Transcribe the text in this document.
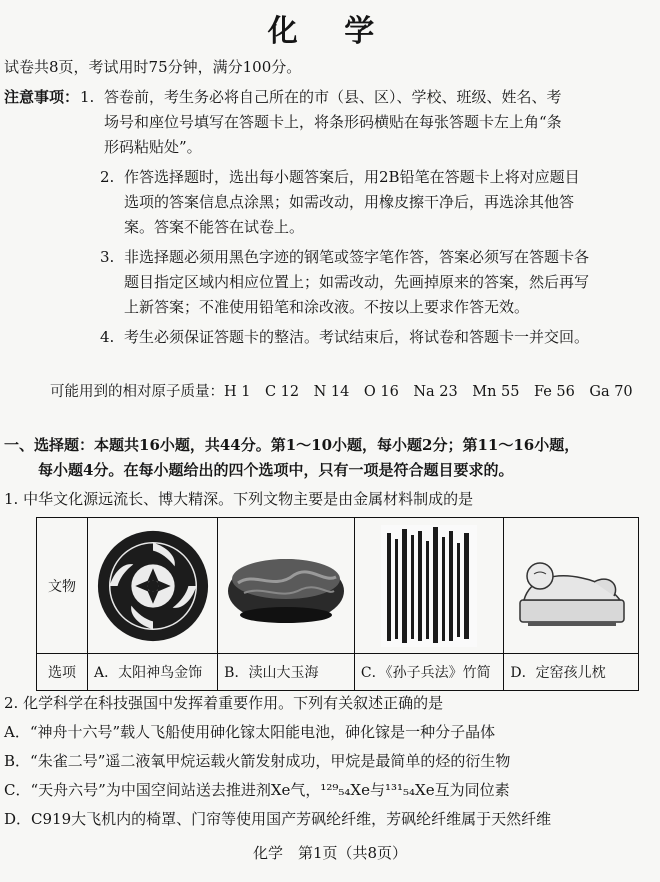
化 学
试卷共8页，考试用时75分钟，满分100分。
注意事项： 1. 答卷前，考生务必将自己所在的市（县、区）、学校、班级、姓名、考
场号和座位号填写在答题卡上，将条形码横贴在每张答题卡左上角“条
形码粘贴处”。
2. 作答选择题时，选出每小题答案后，用2B铅笔在答题卡上将对应题目
选项的答案信息点涂黑；如需改动，用橡皮擦干净后，再选涂其他答
案。答案不能答在试卷上。
3. 非选择题必须用黑色字迹的钢笔或签字笔作答，答案必须写在答题卡各
题目指定区域内相应位置上；如需改动，先画掉原来的答案，然后再写
上新答案；不准使用铅笔和涂改液。不按以上要求作答无效。
4. 考生必须保证答题卡的整洁。考试结束后，将试卷和答题卡一并交回。
可能用到的相对原子质量：H 1　C 12　N 14　O 16　Na 23　Mn 55　Fe 56　Ga 70
一、选择题：本题共16小题，共44分。第1～10小题，每小题2分；第11～16小题，
每小题4分。在每小题给出的四个选项中，只有一项是符合题目要求的。
1. 中华文化源远流长、博大精深。下列文物主要是由金属材料制成的是
文物	

选项	A．太阳神鸟金饰	B．渎山大玉海	C．《孙子兵法》竹简	D．定窑孩儿枕
2. 化学科学在科技强国中发挥着重要作用。下列有关叙述正确的是
A．“神舟十六号”载人飞船使用砷化镓太阳能电池，砷化镓是一种分子晶体
B．“朱雀二号”遥二液氧甲烷运载火箭发射成功，甲烷是最简单的烃的衍生物
C．“天舟六号”为中国空间站送去推进剂Xe气，¹²⁹₅₄Xe与¹³¹₅₄Xe互为同位素
D．C919大飞机内的椅罩、门帘等使用国产芳砜纶纤维，芳砜纶纤维属于天然纤维
化学　第1页（共8页）
